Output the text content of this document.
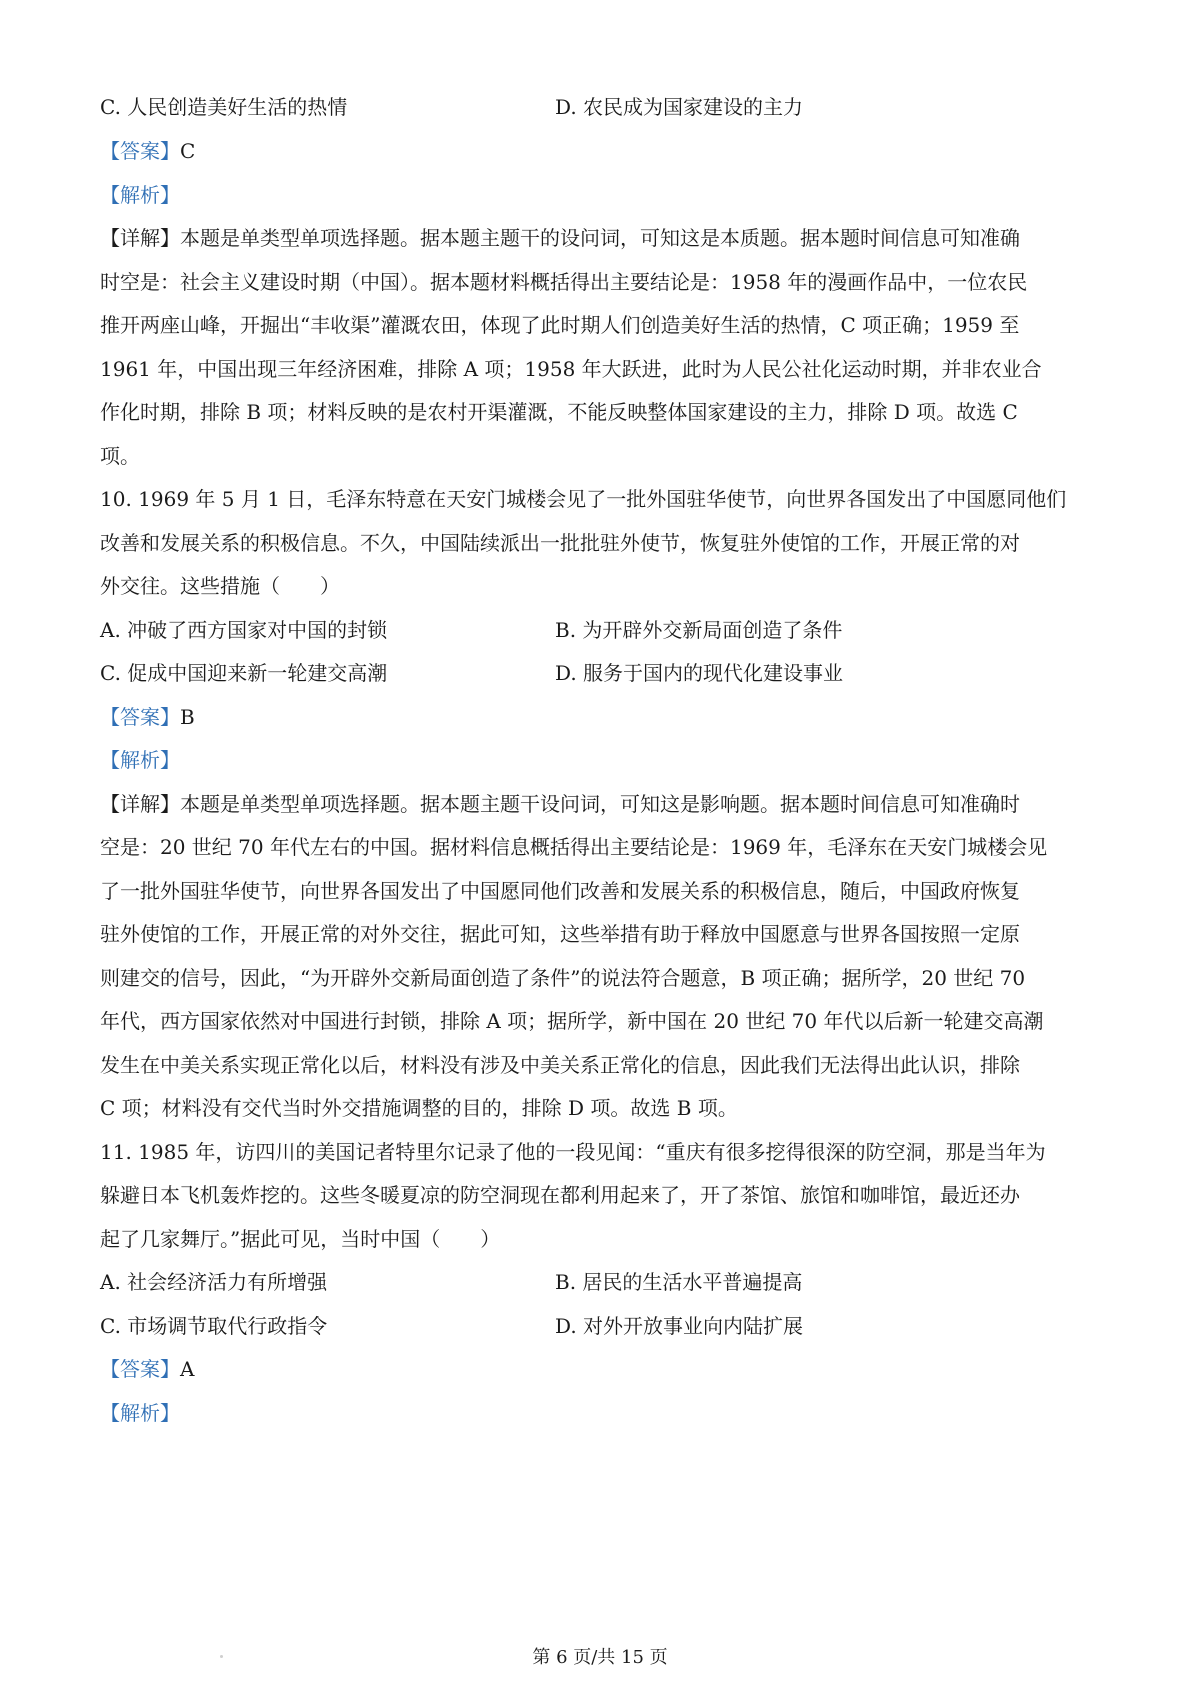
C. 人民创造美好生活的热情	D. 农民成为国家建设的主力
【答案】C
【解析】
【详解】本题是单类型单项选择题。据本题主题干的设问词，可知这是本质题。据本题时间信息可知准确
时空是：社会主义建设时期（中国）。据本题材料概括得出主要结论是：1958 年的漫画作品中，一位农民
推开两座山峰，开掘出“丰收渠”灌溉农田，体现了此时期人们创造美好生活的热情，C 项正确；1959 至
1961 年，中国出现三年经济困难，排除 A 项；1958 年大跃进，此时为人民公社化运动时期，并非农业合
作化时期，排除 B 项；材料反映的是农村开渠灌溉，不能反映整体国家建设的主力，排除 D 项。故选 C
项。
10. 1969 年 5 月 1 日，毛泽东特意在天安门城楼会见了一批外国驻华使节，向世界各国发出了中国愿同他们
改善和发展关系的积极信息。不久，中国陆续派出一批批驻外使节，恢复驻外使馆的工作，开展正常的对
外交往。这些措施（　　）
A. 冲破了西方国家对中国的封锁	B. 为开辟外交新局面创造了条件
C. 促成中国迎来新一轮建交高潮	D. 服务于国内的现代化建设事业
【答案】B
【解析】
【详解】本题是单类型单项选择题。据本题主题干设问词，可知这是影响题。据本题时间信息可知准确时
空是：20 世纪 70 年代左右的中国。据材料信息概括得出主要结论是：1969 年，毛泽东在天安门城楼会见
了一批外国驻华使节，向世界各国发出了中国愿同他们改善和发展关系的积极信息，随后，中国政府恢复
驻外使馆的工作，开展正常的对外交往，据此可知，这些举措有助于释放中国愿意与世界各国按照一定原
则建交的信号，因此，“为开辟外交新局面创造了条件”的说法符合题意，B 项正确；据所学，20 世纪 70
年代，西方国家依然对中国进行封锁，排除 A 项；据所学，新中国在 20 世纪 70 年代以后新一轮建交高潮
发生在中美关系实现正常化以后，材料没有涉及中美关系正常化的信息，因此我们无法得出此认识，排除
C 项；材料没有交代当时外交措施调整的目的，排除 D 项。故选 B 项。
11. 1985 年，访四川的美国记者特里尔记录了他的一段见闻：“重庆有很多挖得很深的防空洞，那是当年为
躲避日本飞机轰炸挖的。这些冬暖夏凉的防空洞现在都利用起来了，开了茶馆、旅馆和咖啡馆，最近还办
起了几家舞厅。”据此可见，当时中国（　　）
A. 社会经济活力有所增强	B. 居民的生活水平普遍提高
C. 市场调节取代行政指令	D. 对外开放事业向内陆扩展
【答案】A
【解析】
第 6 页/共 15 页
